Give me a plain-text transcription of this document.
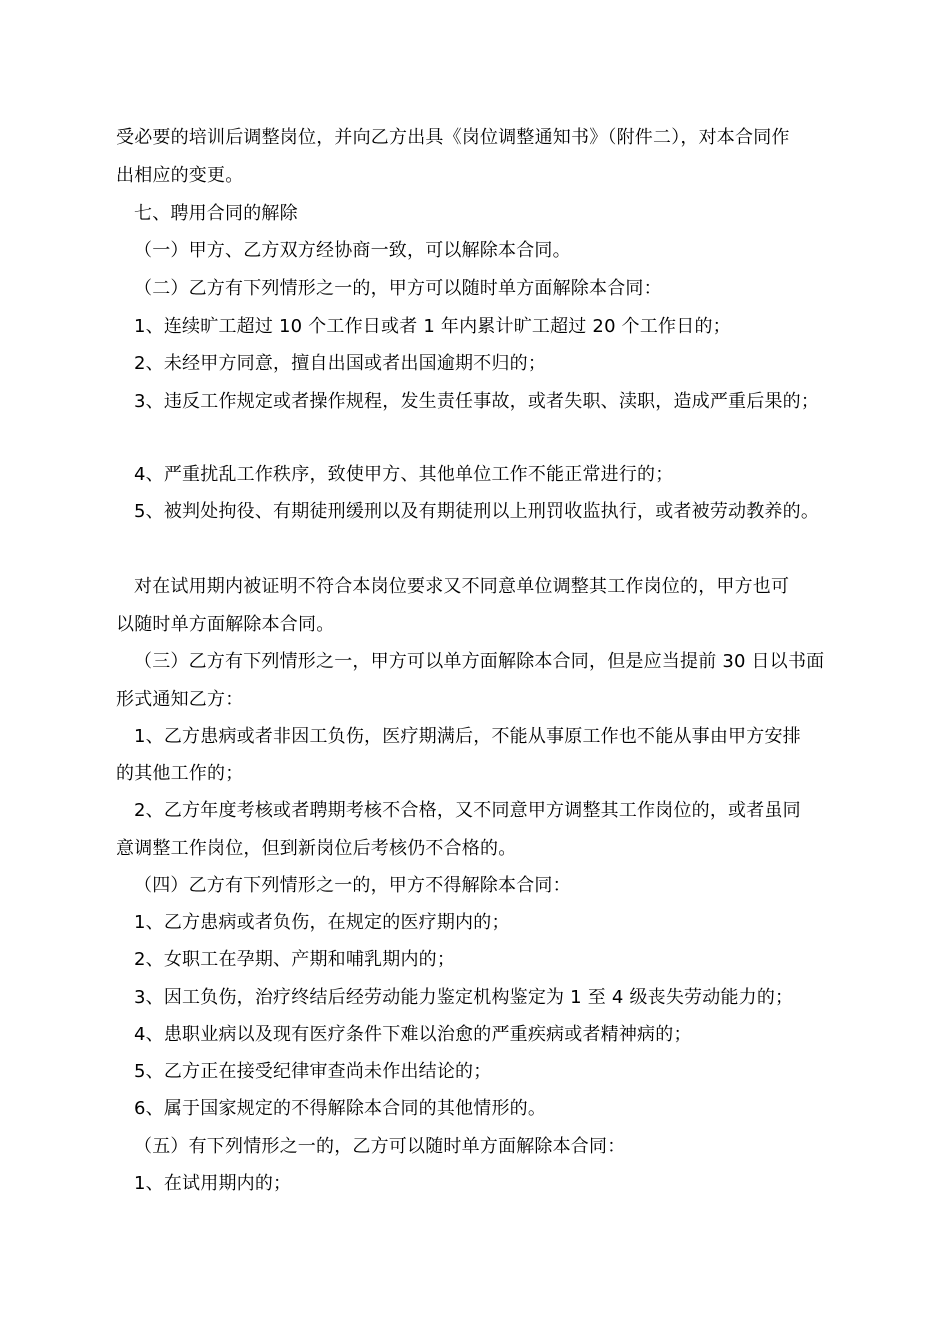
受必要的培训后调整岗位，并向乙方出具《岗位调整通知书》（附件二），对本合同作

出相应的变更。

七、聘用合同的解除

（一）甲方、乙方双方经协商一致，可以解除本合同。

（二）乙方有下列情形之一的，甲方可以随时单方面解除本合同：

1、连续旷工超过 10 个工作日或者 1 年内累计旷工超过 20 个工作日的；

2、未经甲方同意，擅自出国或者出国逾期不归的；

3、违反工作规定或者操作规程，发生责任事故，或者失职、渎职，造成严重后果的；

4、严重扰乱工作秩序，致使甲方、其他单位工作不能正常进行的；

5、被判处拘役、有期徒刑缓刑以及有期徒刑以上刑罚收监执行，或者被劳动教养的。

对在试用期内被证明不符合本岗位要求又不同意单位调整其工作岗位的，甲方也可

以随时单方面解除本合同。

（三）乙方有下列情形之一，甲方可以单方面解除本合同，但是应当提前 30 日以书面

形式通知乙方：

1、乙方患病或者非因工负伤，医疗期满后，不能从事原工作也不能从事由甲方安排

的其他工作的；

2、乙方年度考核或者聘期考核不合格，又不同意甲方调整其工作岗位的，或者虽同

意调整工作岗位，但到新岗位后考核仍不合格的。

（四）乙方有下列情形之一的，甲方不得解除本合同：

1、乙方患病或者负伤，在规定的医疗期内的；

2、女职工在孕期、产期和哺乳期内的；

3、因工负伤，治疗终结后经劳动能力鉴定机构鉴定为 1 至 4 级丧失劳动能力的；

4、患职业病以及现有医疗条件下难以治愈的严重疾病或者精神病的；

5、乙方正在接受纪律审查尚未作出结论的；

6、属于国家规定的不得解除本合同的其他情形的。

（五）有下列情形之一的，乙方可以随时单方面解除本合同：

1、在试用期内的；
